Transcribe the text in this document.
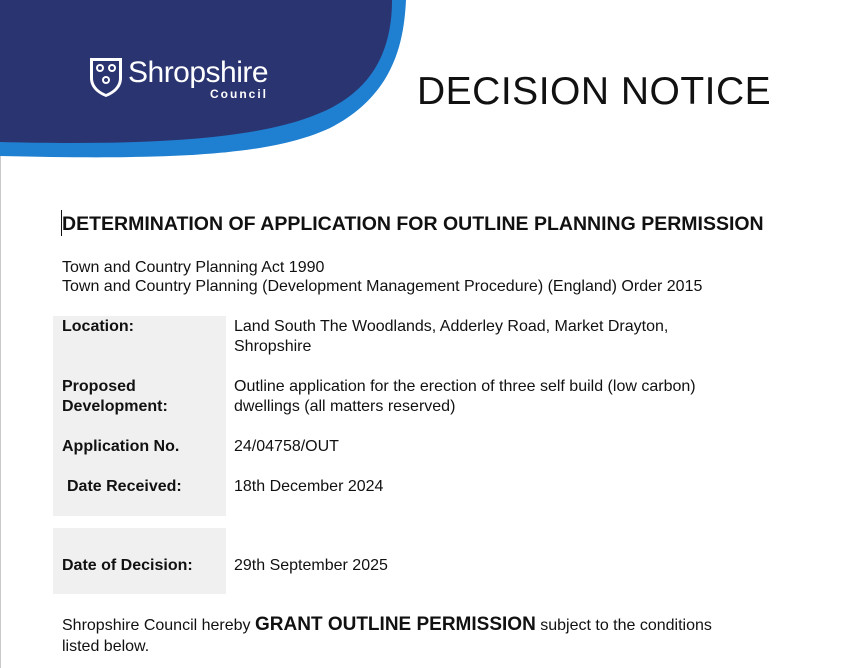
Shropshire
Council	DECISION NOTICE
DETERMINATION OF APPLICATION FOR OUTLINE PLANNING PERMISSION
Town and Country Planning Act 1990
Town and Country Planning (Development Management Procedure) (England) Order 2015
Location:	Land South The Woodlands, Adderley Road, Market Drayton,
Shropshire
Proposed
Development:
Outline application for the erection of three self build (low carbon)
dwellings (all matters reserved)
Application No.	24/04758/OUT
Date Received:	18th December 2024
Date of Decision:	29th September 2025
Shropshire Council hereby GRANT OUTLINE PERMISSION subject to the conditions
listed below.
